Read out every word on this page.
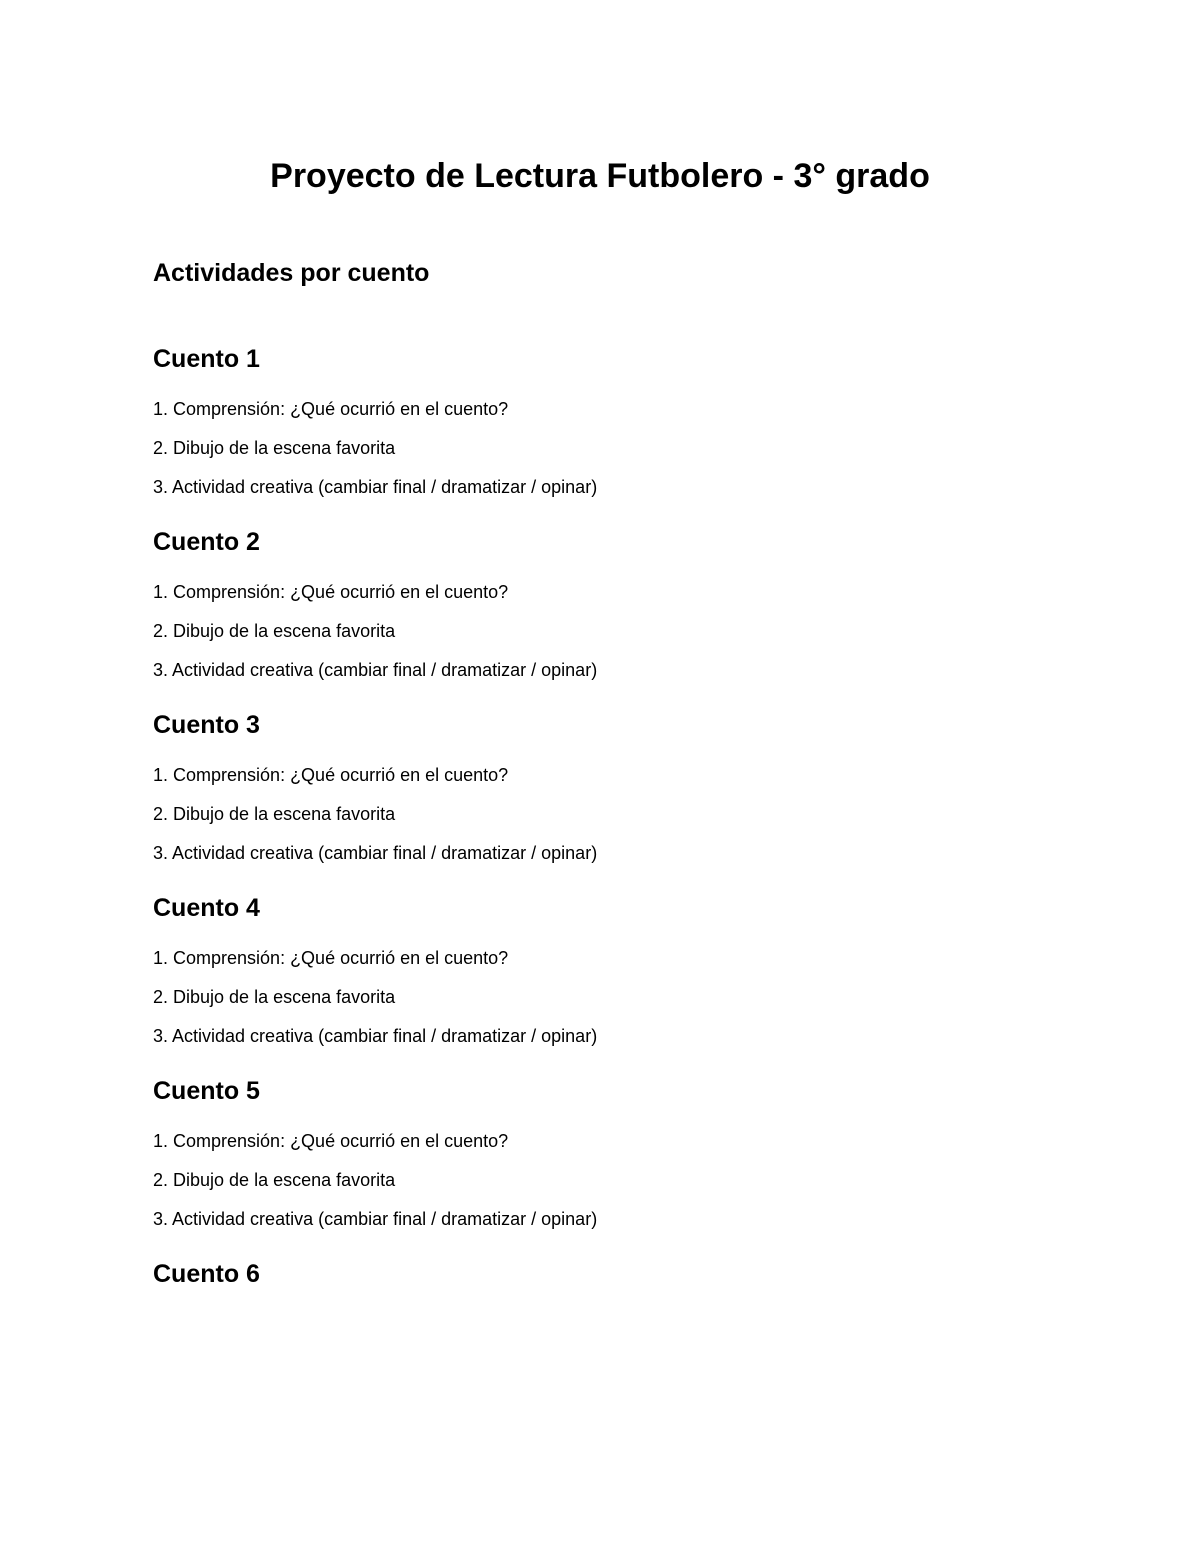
Proyecto de Lectura Futbolero - 3° grado
Actividades por cuento
Cuento 1
1. Comprensión: ¿Qué ocurrió en el cuento?
2. Dibujo de la escena favorita
3. Actividad creativa (cambiar final / dramatizar / opinar)
Cuento 2
1. Comprensión: ¿Qué ocurrió en el cuento?
2. Dibujo de la escena favorita
3. Actividad creativa (cambiar final / dramatizar / opinar)
Cuento 3
1. Comprensión: ¿Qué ocurrió en el cuento?
2. Dibujo de la escena favorita
3. Actividad creativa (cambiar final / dramatizar / opinar)
Cuento 4
1. Comprensión: ¿Qué ocurrió en el cuento?
2. Dibujo de la escena favorita
3. Actividad creativa (cambiar final / dramatizar / opinar)
Cuento 5
1. Comprensión: ¿Qué ocurrió en el cuento?
2. Dibujo de la escena favorita
3. Actividad creativa (cambiar final / dramatizar / opinar)
Cuento 6
